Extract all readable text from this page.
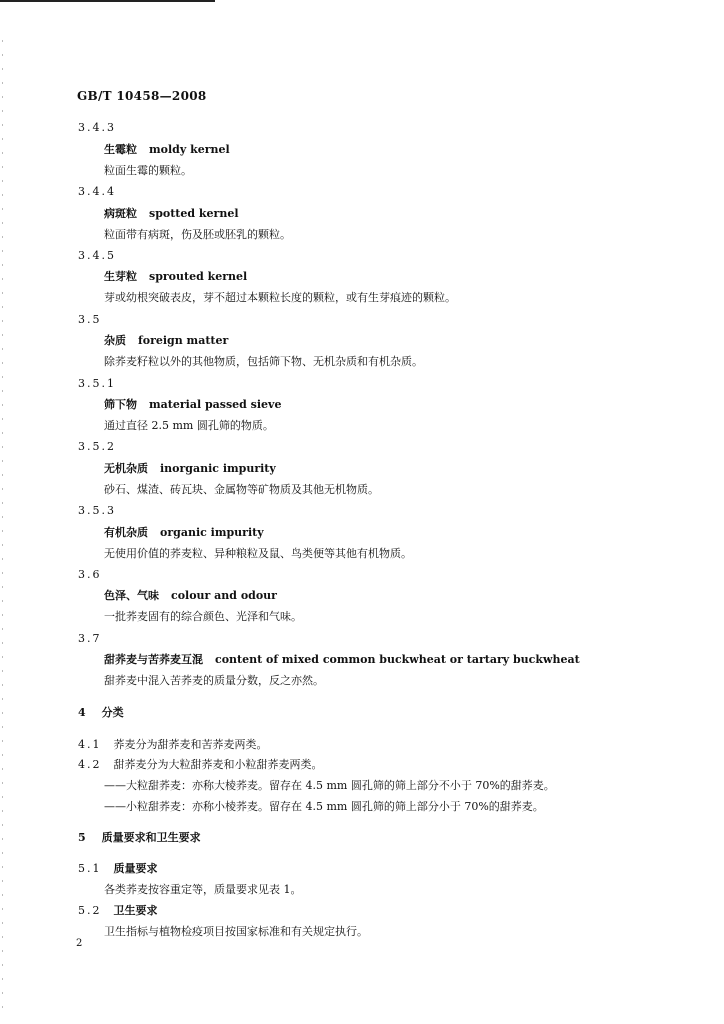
GB/T 10458—2008
3.4.3
生霉粒 moldy kernel
粒面生霉的颗粒。
3.4.4
病斑粒 spotted kernel
粒面带有病斑，伤及胚或胚乳的颗粒。
3.4.5
生芽粒 sprouted kernel
芽或幼根突破表皮，芽不超过本颗粒长度的颗粒，或有生芽痕迹的颗粒。
3.5
杂质 foreign matter
除荞麦籽粒以外的其他物质，包括筛下物、无机杂质和有机杂质。
3.5.1
筛下物 material passed sieve
通过直径 2.5 mm 圆孔筛的物质。
3.5.2
无机杂质 inorganic impurity
砂石、煤渣、砖瓦块、金属物等矿物质及其他无机物质。
3.5.3
有机杂质 organic impurity
无使用价值的荞麦粒、异种粮粒及鼠、鸟类便等其他有机物质。
3.6
色泽、气味 colour and odour
一批荞麦固有的综合颜色、光泽和气味。
3.7
甜荞麦与苦荞麦互混 content of mixed common buckwheat or tartary buckwheat
甜荞麦中混入苦荞麦的质量分数，反之亦然。
4 分类
4.1 荞麦分为甜荞麦和苦荞麦两类。
4.2 甜荞麦分为大粒甜荞麦和小粒甜荞麦两类。
——大粒甜荞麦：亦称大棱荞麦。留存在 4.5 mm 圆孔筛的筛上部分不小于 70%的甜荞麦。
——小粒甜荞麦：亦称小棱荞麦。留存在 4.5 mm 圆孔筛的筛上部分小于 70%的甜荞麦。
5 质量要求和卫生要求
5.1 质量要求
各类荞麦按容重定等，质量要求见表 1。
5.2 卫生要求
卫生指标与植物检疫项目按国家标准和有关规定执行。
2
